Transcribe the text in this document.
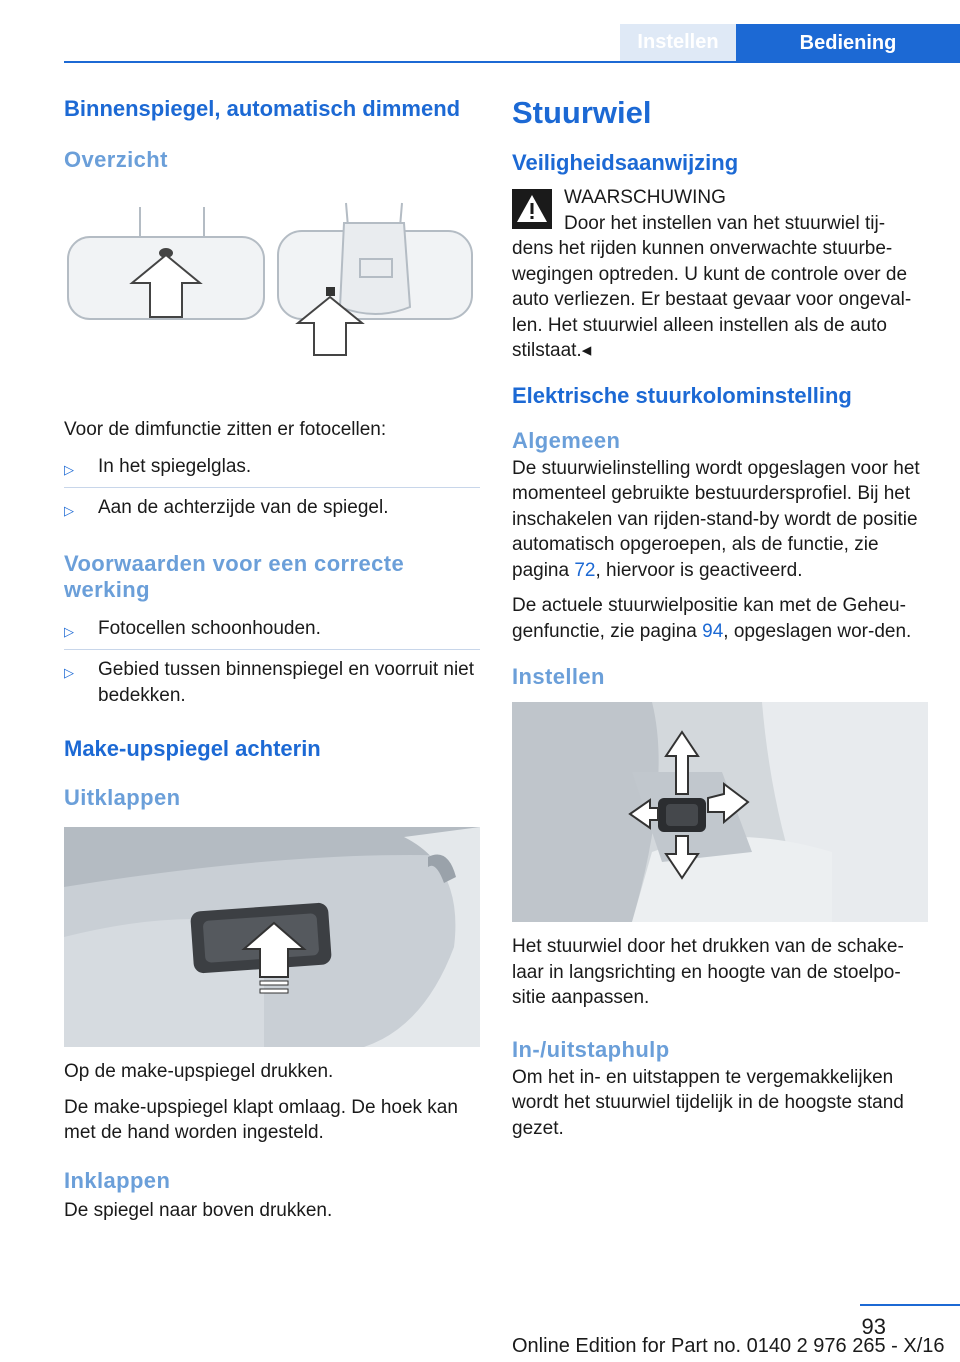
Instellen	Bediening
Binnenspiegel, automatisch dimmend
Overzicht
Voor de dimfunctie zitten er fotocellen:
▷	In het spiegelglas.
▷	Aan de achterzijde van de spiegel.
Voorwaarden voor een correcte werking
▷	Fotocellen schoonhouden.
▷	Gebied tussen binnenspiegel en voorruit niet bedekken.
Make-upspiegel achterin
Uitklappen
Op de make-upspiegel drukken.
De make-upspiegel klapt omlaag. De hoek kan met de hand worden ingesteld.
Inklappen
De spiegel naar boven drukken.
Stuurwiel
Veiligheidsaanwijzing
WAARSCHUWING
Door het instellen van het stuurwiel tij-
dens het rijden kunnen onverwachte stuurbe-wegingen optreden. U kunt de controle over de auto verliezen. Er bestaat gevaar voor ongeval-len. Het stuurwiel alleen instellen als de auto stilstaat.◂
Elektrische stuurkolominstelling
Algemeen
De stuurwielinstelling wordt opgeslagen voor het momenteel gebruikte bestuurdersprofiel. Bij het inschakelen van rijden-stand-by wordt de positie automatisch opgeroepen, als de functie, zie pagina 72, hiervoor is geactiveerd.
De actuele stuurwielpositie kan met de Geheu-genfunctie, zie pagina 94, opgeslagen wor-den.
Instellen
Het stuurwiel door het drukken van de schake-laar in langsrichting en hoogte van de stoelpo-sitie aanpassen.
In-/uitstaphulp
Om het in- en uitstappen te vergemakkelijken wordt het stuurwiel tijdelijk in de hoogste stand gezet.
93
Online Edition for Part no. 0140 2 976 265 - X/16
